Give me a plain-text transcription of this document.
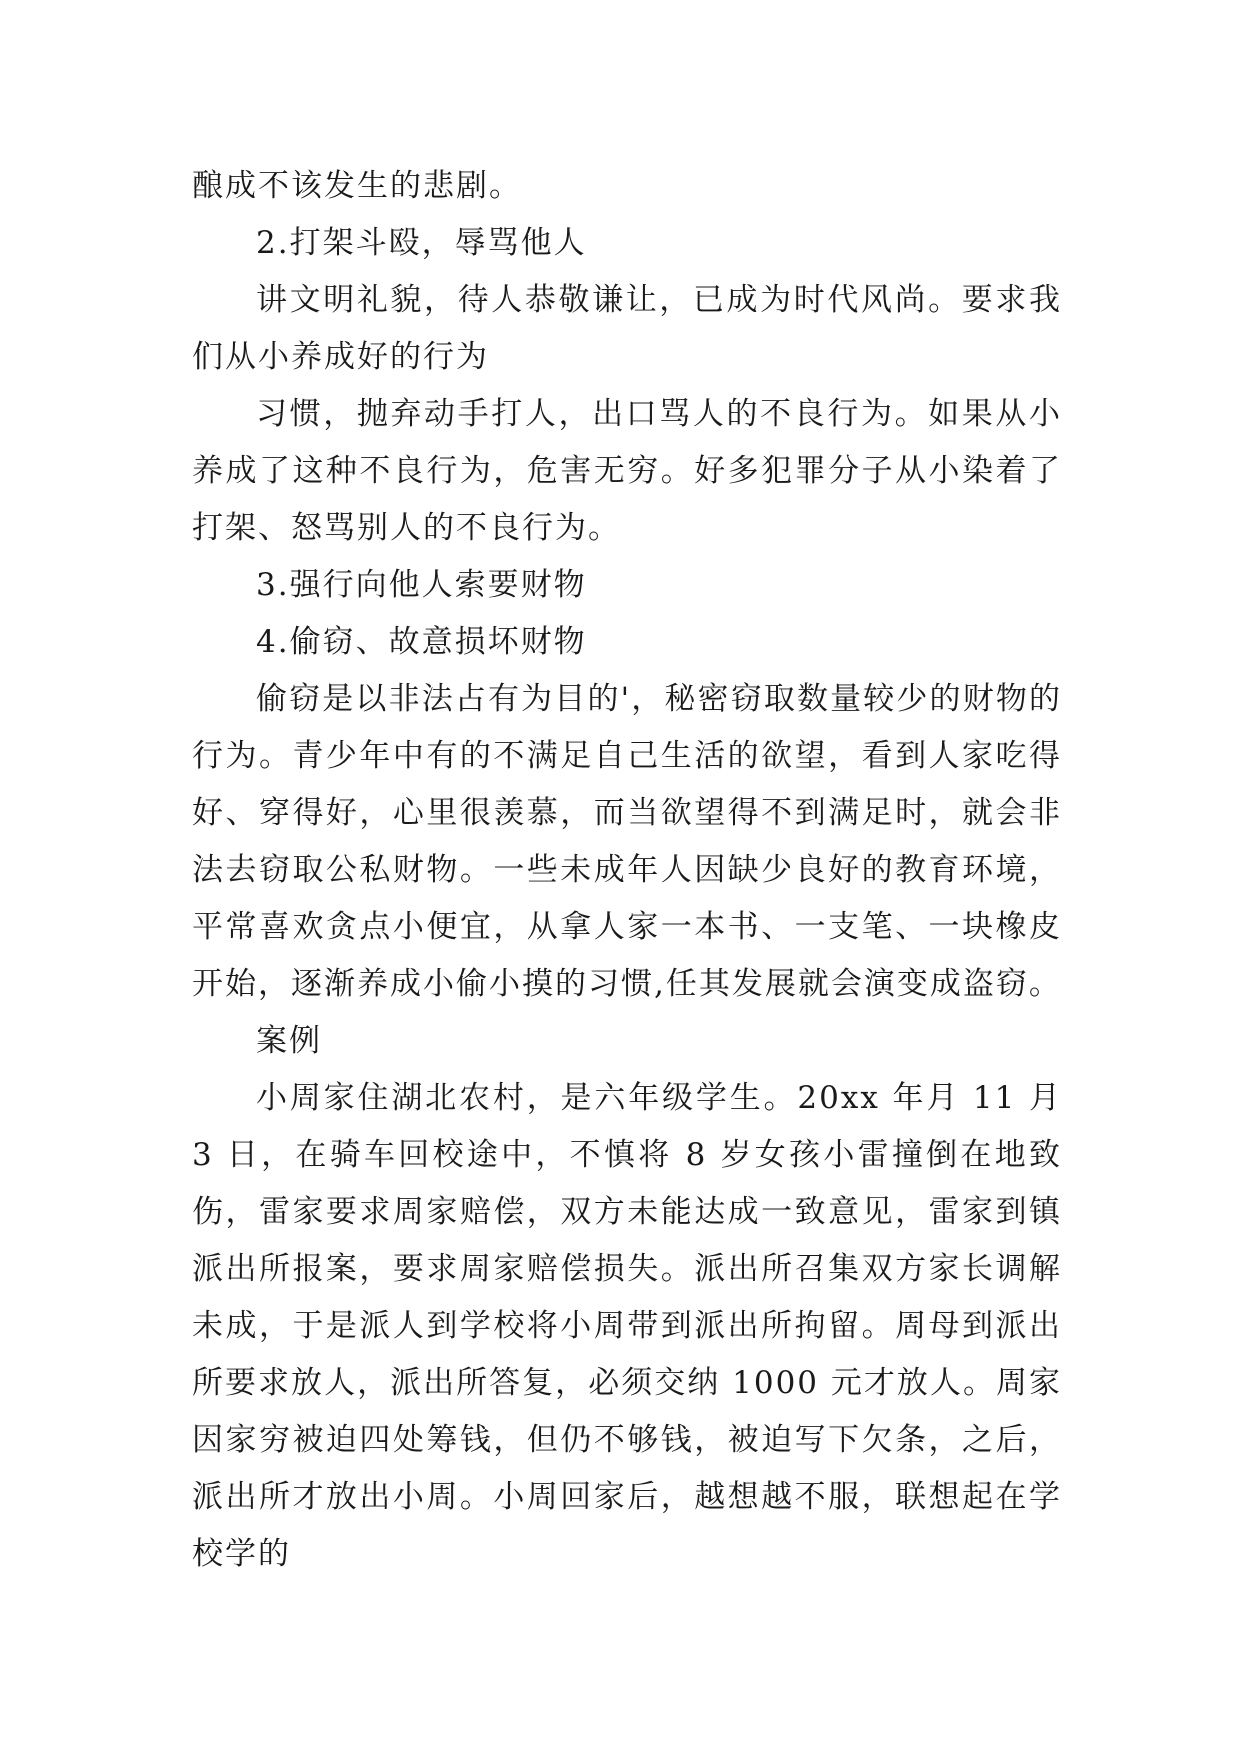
酿成不该发生的悲剧。

2.打架斗殴，辱骂他人

讲文明礼貌，待人恭敬谦让，已成为时代风尚。要求我们从小养成好的行为

习惯，抛弃动手打人，出口骂人的不良行为。如果从小养成了这种不良行为，危害无穷。好多犯罪分子从小染着了打架、怒骂别人的不良行为。

3.强行向他人索要财物

4.偷窃、故意损坏财物

偷窃是以非法占有为目的'，秘密窃取数量较少的财物的行为。青少年中有的不满足自己生活的欲望，看到人家吃得好、穿得好，心里很羡慕，而当欲望得不到满足时，就会非法去窃取公私财物。一些未成年人因缺少良好的教育环境，平常喜欢贪点小便宜，从拿人家一本书、一支笔、一块橡皮开始，逐渐养成小偷小摸的习惯,任其发展就会演变成盗窃。

案例

小周家住湖北农村，是六年级学生。20xx 年月 11 月 3 日，在骑车回校途中，不慎将 8 岁女孩小雷撞倒在地致伤，雷家要求周家赔偿，双方未能达成一致意见，雷家到镇派出所报案，要求周家赔偿损失。派出所召集双方家长调解未成，于是派人到学校将小周带到派出所拘留。周母到派出所要求放人，派出所答复，必须交纳 1000 元才放人。周家因家穷被迫四处筹钱，但仍不够钱，被迫写下欠条，之后，派出所才放出小周。小周回家后，越想越不服，联想起在学校学的
